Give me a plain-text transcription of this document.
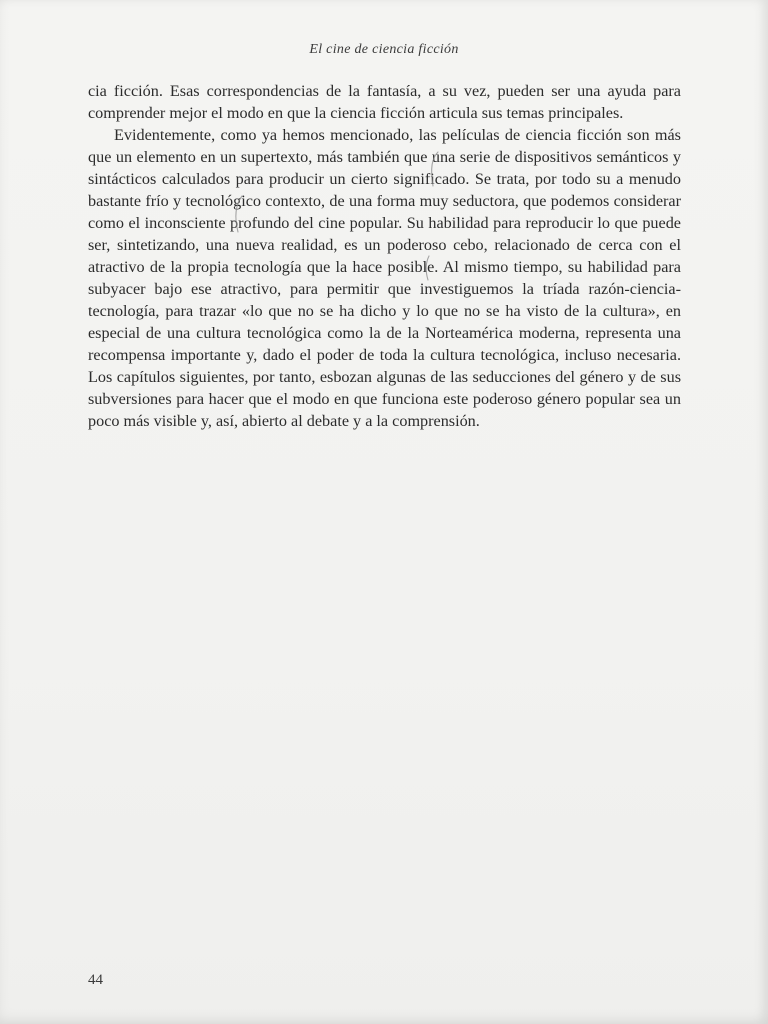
El cine de ciencia ficción

cia ficción. Esas correspondencias de la fantasía, a su vez, pueden ser una ayuda para comprender mejor el modo en que la ciencia ficción articula sus temas principales.

Evidentemente, como ya hemos mencionado, las películas de ciencia ficción son más que un elemento en un supertexto, más también que una serie de dispositivos semánticos y sintácticos calculados para producir un cierto significado. Se trata, por todo su a menudo bastante frío y tecnológico contexto, de una forma muy seductora, que podemos considerar como el inconsciente profundo del cine popular. Su habilidad para reproducir lo que puede ser, sintetizando, una nueva realidad, es un poderoso cebo, relacionado de cerca con el atractivo de la propia tecnología que la hace posible. Al mismo tiempo, su habilidad para subyacer bajo ese atractivo, para permitir que investiguemos la tríada razón-ciencia-tecnología, para trazar «lo que no se ha dicho y lo que no se ha visto de la cultura», en especial de una cultura tecnológica como la de la Norteamérica moderna, representa una recompensa importante y, dado el poder de toda la cultura tecnológica, incluso necesaria. Los capítulos siguientes, por tanto, esbozan algunas de las seducciones del género y de sus subversiones para hacer que el modo en que funciona este poderoso género popular sea un poco más visible y, así, abierto al debate y a la comprensión.

44
